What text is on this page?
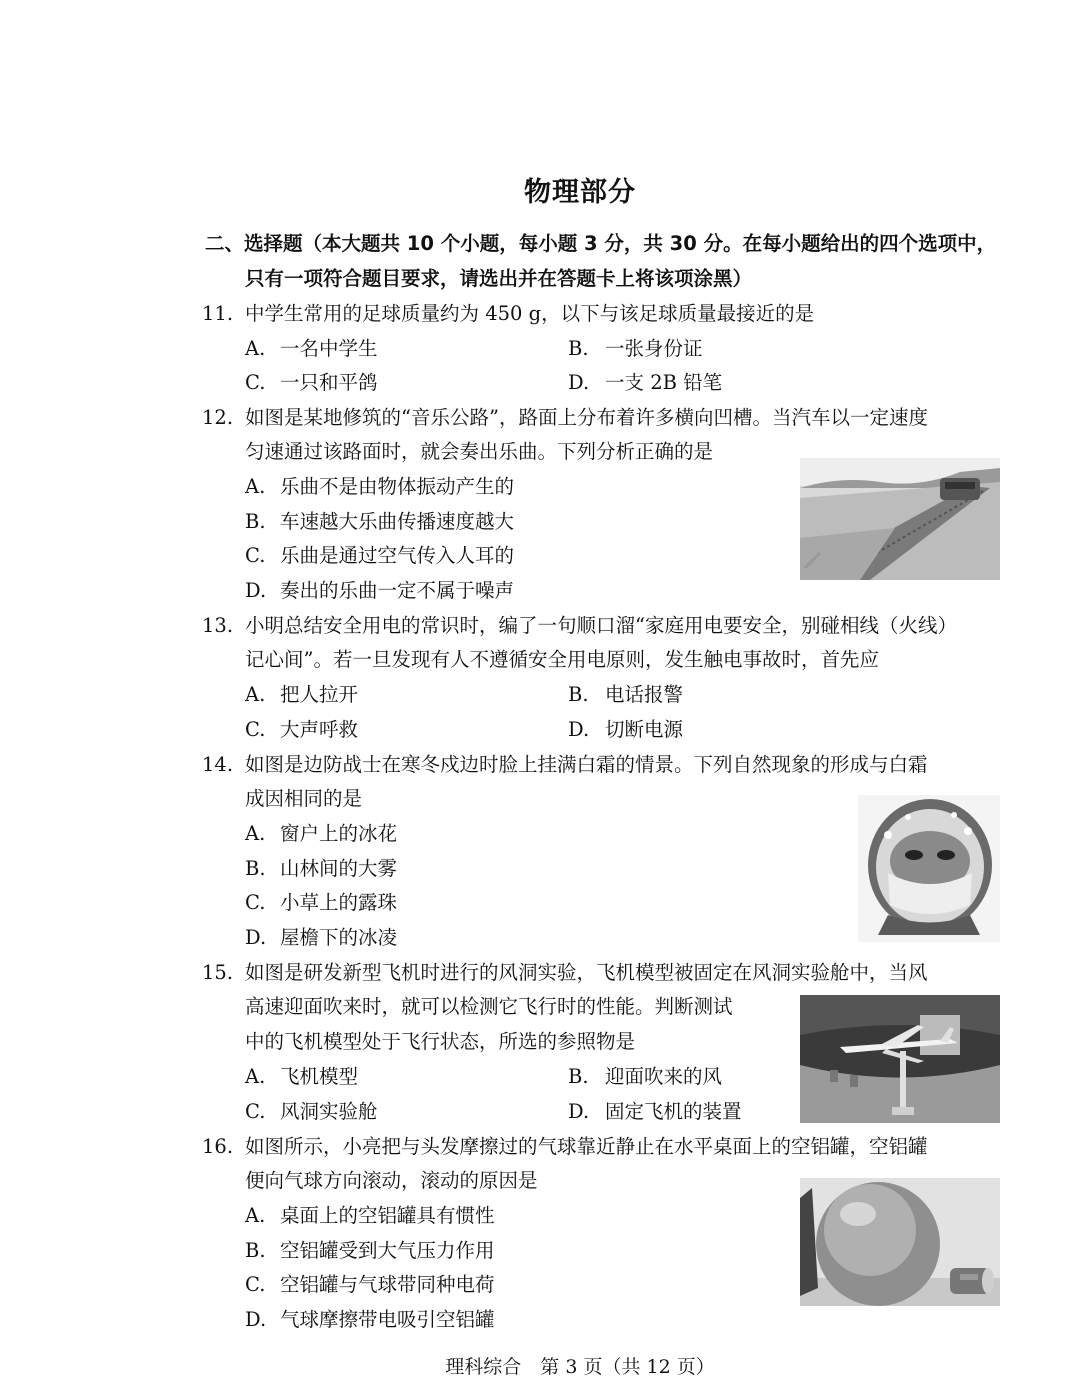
物理部分
二、选择题（本大题共 10 个小题，每小题 3 分，共 30 分。在每小题给出的四个选项中，
只有一项符合题目要求，请选出并在答题卡上将该项涂黑）
11. 中学生常用的足球质量约为 450 g，以下与该足球质量最接近的是
A. 一名中学生	B. 一张身份证
C. 一只和平鸽	D. 一支 2B 铅笔
12. 如图是某地修筑的“音乐公路”，路面上分布着许多横向凹槽。当汽车以一定速度
匀速通过该路面时，就会奏出乐曲。下列分析正确的是
A. 乐曲不是由物体振动产生的
B. 车速越大乐曲传播速度越大
C. 乐曲是通过空气传入人耳的
D. 奏出的乐曲一定不属于噪声
13. 小明总结安全用电的常识时，编了一句顺口溜“家庭用电要安全，别碰相线（火线）
记心间”。若一旦发现有人不遵循安全用电原则，发生触电事故时，首先应
A. 把人拉开	B. 电话报警
C. 大声呼救	D. 切断电源
14. 如图是边防战士在寒冬戍边时脸上挂满白霜的情景。下列自然现象的形成与白霜
成因相同的是
A. 窗户上的冰花
B. 山林间的大雾
C. 小草上的露珠
D. 屋檐下的冰凌
15. 如图是研发新型飞机时进行的风洞实验，飞机模型被固定在风洞实验舱中，当风
高速迎面吹来时，就可以检测它飞行时的性能。判断测试
中的飞机模型处于飞行状态，所选的参照物是
A. 飞机模型	B. 迎面吹来的风
C. 风洞实验舱	D. 固定飞机的装置
16. 如图所示，小亮把与头发摩擦过的气球靠近静止在水平桌面上的空铝罐，空铝罐
便向气球方向滚动，滚动的原因是
A. 桌面上的空铝罐具有惯性
B. 空铝罐受到大气压力作用
C. 空铝罐与气球带同种电荷
D. 气球摩擦带电吸引空铝罐
理科综合　第 3 页（共 12 页）
